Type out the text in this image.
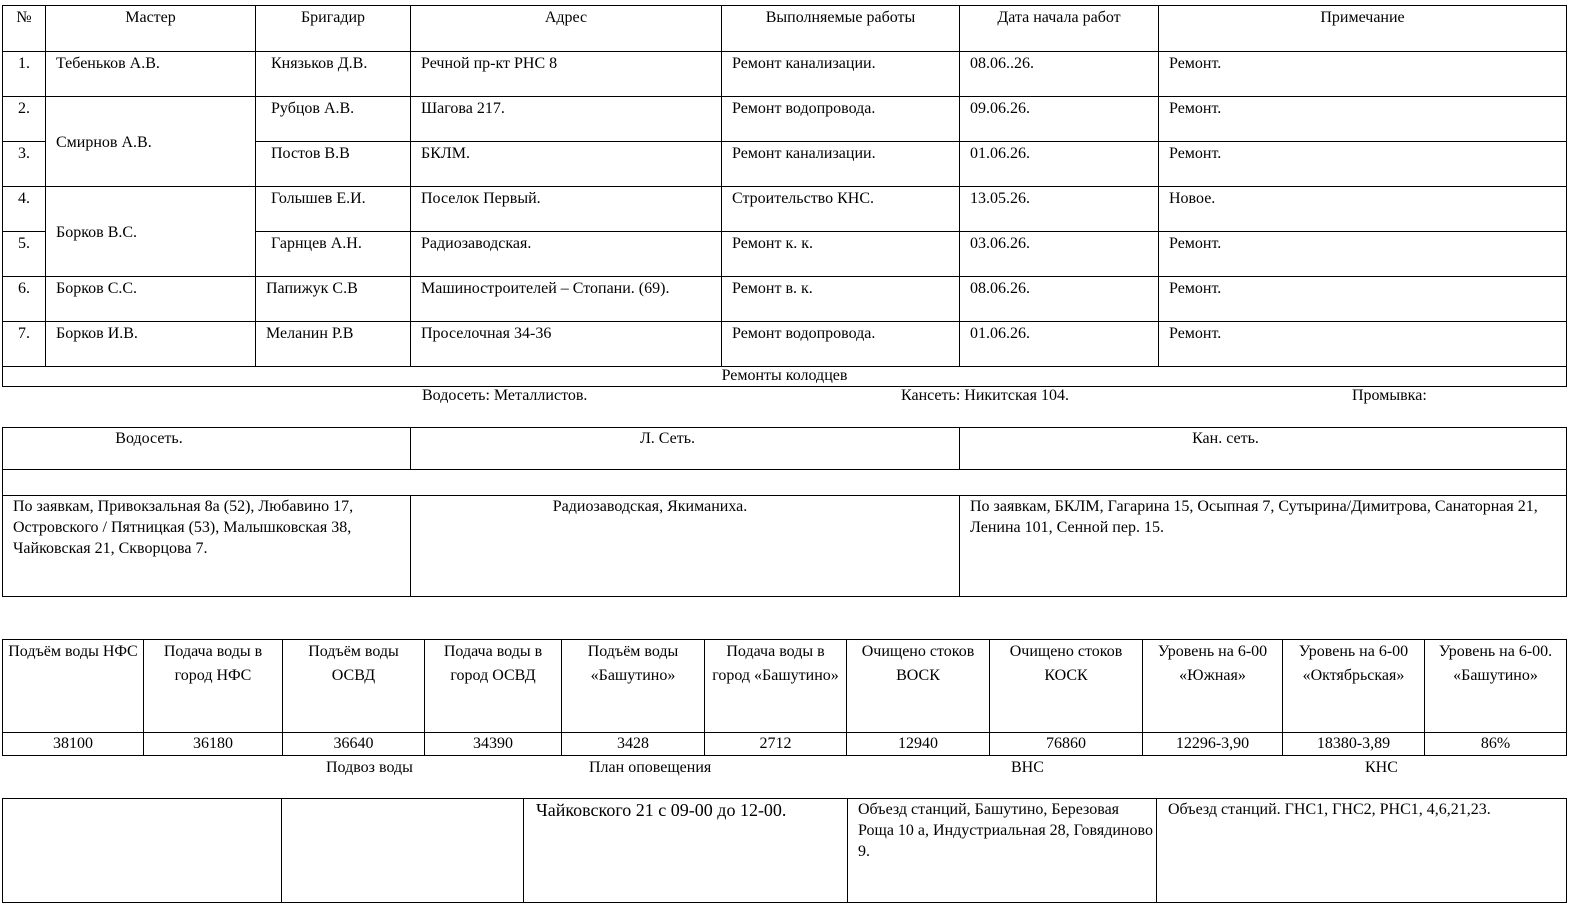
№	Мастер	Бригадир	Адрес	Выполняемые работы	Дата начала работ	Примечание
1.	Тебеньков А.В.	Князьков Д.В.	Речной пр-кт РНС 8	Ремонт канализации.	08.06..26.	Ремонт.
2.	Смирнов А.В.	Рубцов А.В.	Шагова 217.	Ремонт водопровода.	09.06.26.	Ремонт.
3.		Постов В.В	БКЛМ.	Ремонт канализации.	01.06.26.	Ремонт.
4.	Борков В.С.	Голышев Е.И.	Поселок Первый.	Строительство КНС.	13.05.26.	Новое.
5.		Гарнцев А.Н.	Радиозаводская.	Ремонт к. к.	03.06.26.	Ремонт.
6.	Борков С.С.	Папижук С.В	Машиностроителей – Стопани. (69).	Ремонт в. к.	08.06.26.	Ремонт.
7.	Борков И.В.	Меланин Р.В	Проселочная 34-36	Ремонт водопровода.	01.06.26.	Ремонт.
Ремонты колодцев						
Водосеть: Металлистов.	Кансеть: Никитская 104.	Промывка:
Водосеть.	Л. Сеть.	Кан. сеть.

По заявкам, Привокзальная 8а (52), Любавино 17, Островского / Пятницкая (53), Малышковская 38, Чайковская 21, Скворцова 7.	Радиозаводская, Якиманиха.	По заявкам, БКЛМ, Гагарина 15, Осыпная 7, Сутырина/Димитрова, Санаторная 21, Ленина 101, Сенной пер. 15.
Подъём воды НФС	Подача воды в город НФС	Подъём воды ОСВД	Подача воды в город ОСВД	Подъём воды «Башутино»	Подача воды в город «Башутино»	Очищено стоков ВОСК	Очищено стоков КОСК	Уровень на 6-00 «Южная»	Уровень на 6-00 «Октябрьская»	Уровень на 6-00. «Башутино»
38100	36180	36640	34390	3428	2712	12940	76860	12296-3,90	18380-3,89	86%
Подвоз воды	План оповещения	ВНС	КНС
		Чайковского 21 с 09-00 до 12-00.	Объезд станций, Башутино, Березовая Роща 10 а, Индустриальная 28, Говядиново 9.	Объезд станций. ГНС1, ГНС2, РНС1, 4,6,21,23.
